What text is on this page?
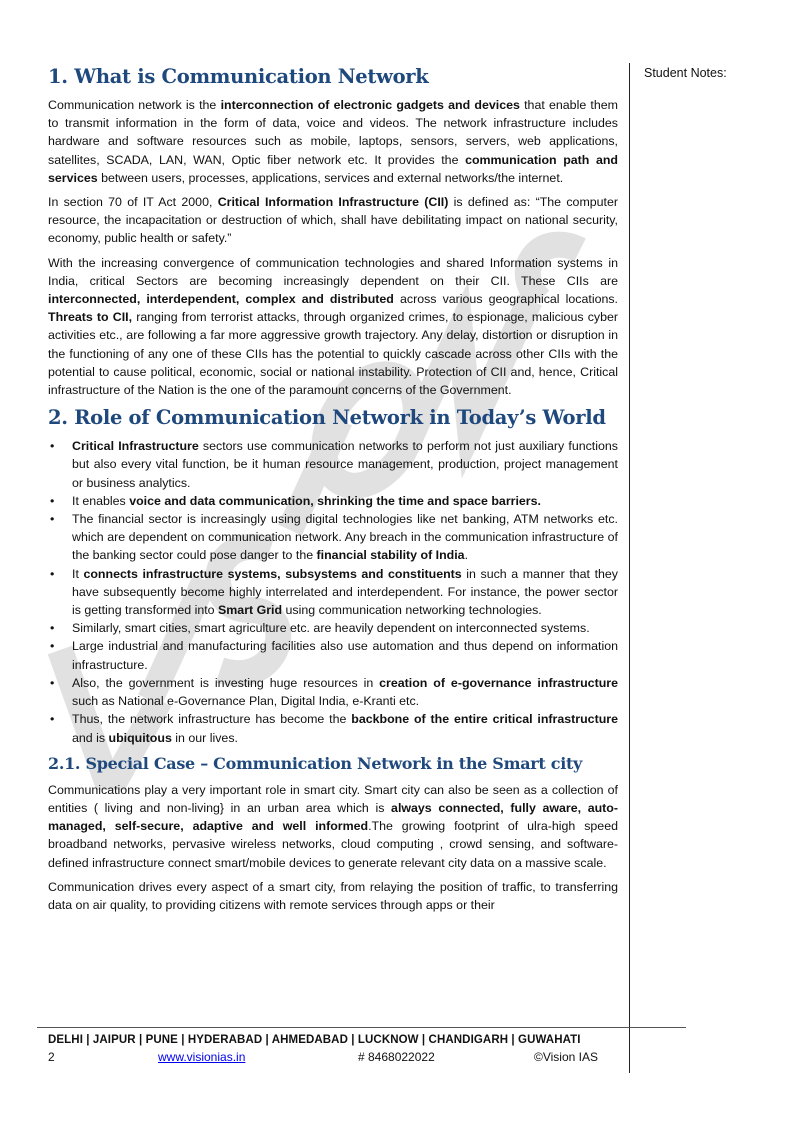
Student Notes:
1. What is Communication Network

Communication network is the interconnection of electronic gadgets and devices that enable them to transmit information in the form of data, voice and videos. The network infrastructure includes hardware and software resources such as mobile, laptops, sensors, servers, web applications, satellites, SCADA, LAN, WAN, Optic fiber network etc. It provides the communication path and services between users, processes, applications, services and external networks/the internet.

In section 70 of IT Act 2000, Critical Information Infrastructure (CII) is defined as: “The computer resource, the incapacitation or destruction of which, shall have debilitating impact on national security, economy, public health or safety.”

With the increasing convergence of communication technologies and shared Information systems in India, critical Sectors are becoming increasingly dependent on their CII. These CIIs are interconnected, interdependent, complex and distributed across various geographical locations. Threats to CII, ranging from terrorist attacks, through organized crimes, to espionage, malicious cyber activities etc., are following a far more aggressive growth trajectory. Any delay, distortion or disruption in the functioning of any one of these CIIs has the potential to quickly cascade across other CIIs with the potential to cause political, economic, social or national instability. Protection of CII and, hence, Critical infrastructure of the Nation is the one of the paramount concerns of the Government.

2. Role of Communication Network in Today’s World
• Critical Infrastructure sectors use communication networks to perform not just auxiliary functions but also every vital function, be it human resource management, production, project management or business analytics.
• It enables voice and data communication, shrinking the time and space barriers.
• The financial sector is increasingly using digital technologies like net banking, ATM networks etc. which are dependent on communication network. Any breach in the communication infrastructure of the banking sector could pose danger to the financial stability of India.
• It connects infrastructure systems, subsystems and constituents in such a manner that they have subsequently become highly interrelated and interdependent. For instance, the power sector is getting transformed into Smart Grid using communication networking technologies.
• Similarly, smart cities, smart agriculture etc. are heavily dependent on interconnected systems.
• Large industrial and manufacturing facilities also use automation and thus depend on information infrastructure.
• Also, the government is investing huge resources in creation of e-governance infrastructure such as National e-Governance Plan, Digital India, e-Kranti etc.
• Thus, the network infrastructure has become the backbone of the entire critical infrastructure and is ubiquitous in our lives.
2.1. Special Case – Communication Network in the Smart city

Communications play a very important role in smart city. Smart city can also be seen as a collection of entities ( living and non-living} in an urban area which is always connected, fully aware, auto-managed, self-secure, adaptive and well informed.The growing footprint of ulra-high speed broadband networks, pervasive wireless networks, cloud computing , crowd sensing, and software-defined infrastructure connect smart/mobile devices to generate relevant city data on a massive scale.

Communication drives every aspect of a smart city, from relaying the position of traffic, to transferring data on air quality, to providing citizens with remote services through apps or their

DELHI | JAIPUR | PUNE | HYDERABAD | AHMEDABAD | LUCKNOW | CHANDIGARH | GUWAHATI
2	www.visionias.in	# 8468022022	©Vision IAS
